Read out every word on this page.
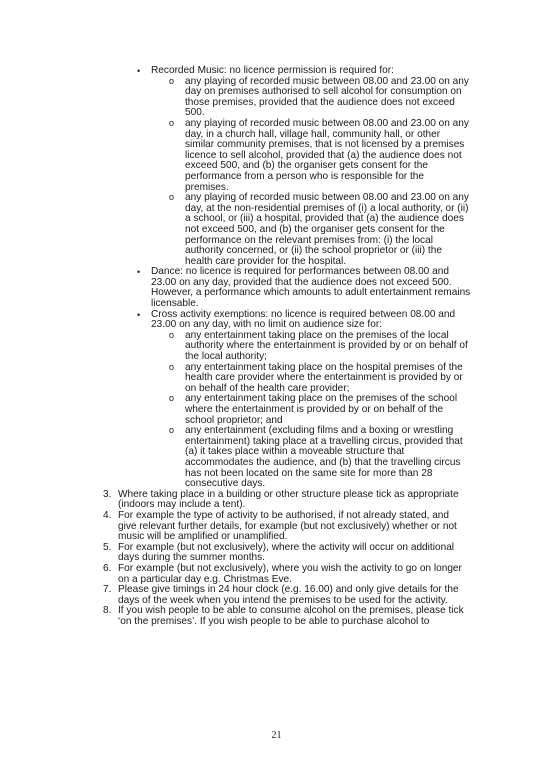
• Recorded Music: no licence permission is required for:
o any playing of recorded music between 08.00 and 23.00 on any day on premises authorised to sell alcohol for consumption on those premises, provided that the audience does not exceed 500.
o any playing of recorded music between 08.00 and 23.00 on any day, in a church hall, village hall, community hall, or other similar community premises, that is not licensed by a premises licence to sell alcohol, provided that (a) the audience does not exceed 500, and (b) the organiser gets consent for the performance from a person who is responsible for the premises.
o any playing of recorded music between 08.00 and 23.00 on any day, at the non-residential premises of (i) a local authority, or (ii) a school, or (iii) a hospital, provided that (a) the audience does not exceed 500, and (b) the organiser gets consent for the performance on the relevant premises from: (i) the local authority concerned, or (ii) the school proprietor or (iii) the health care provider for the hospital.
• Dance: no licence is required for performances between 08.00 and 23.00 on any day, provided that the audience does not exceed 500. However, a performance which amounts to adult entertainment remains licensable.
• Cross activity exemptions: no licence is required between 08.00 and 23.00 on any day, with no limit on audience size for:
o any entertainment taking place on the premises of the local authority where the entertainment is provided by or on behalf of the local authority;
o any entertainment taking place on the hospital premises of the health care provider where the entertainment is provided by or on behalf of the health care provider;
o any entertainment taking place on the premises of the school where the entertainment is provided by or on behalf of the school proprietor; and
o any entertainment (excluding films and a boxing or wrestling entertainment) taking place at a travelling circus, provided that (a) it takes place within a moveable structure that accommodates the audience, and (b) that the travelling circus has not been located on the same site for more than 28 consecutive days.
3. Where taking place in a building or other structure please tick as appropriate (indoors may include a tent).
4. For example the type of activity to be authorised, if not already stated, and give relevant further details, for example (but not exclusively) whether or not music will be amplified or unamplified.
5. For example (but not exclusively), where the activity will occur on additional days during the summer months.
6. For example (but not exclusively), where you wish the activity to go on longer on a particular day e.g. Christmas Eve.
7. Please give timings in 24 hour clock (e.g. 16.00) and only give details for the days of the week when you intend the premises to be used for the activity.
8. If you wish people to be able to consume alcohol on the premises, please tick ‘on the premises’. If you wish people to be able to purchase alcohol to
21
